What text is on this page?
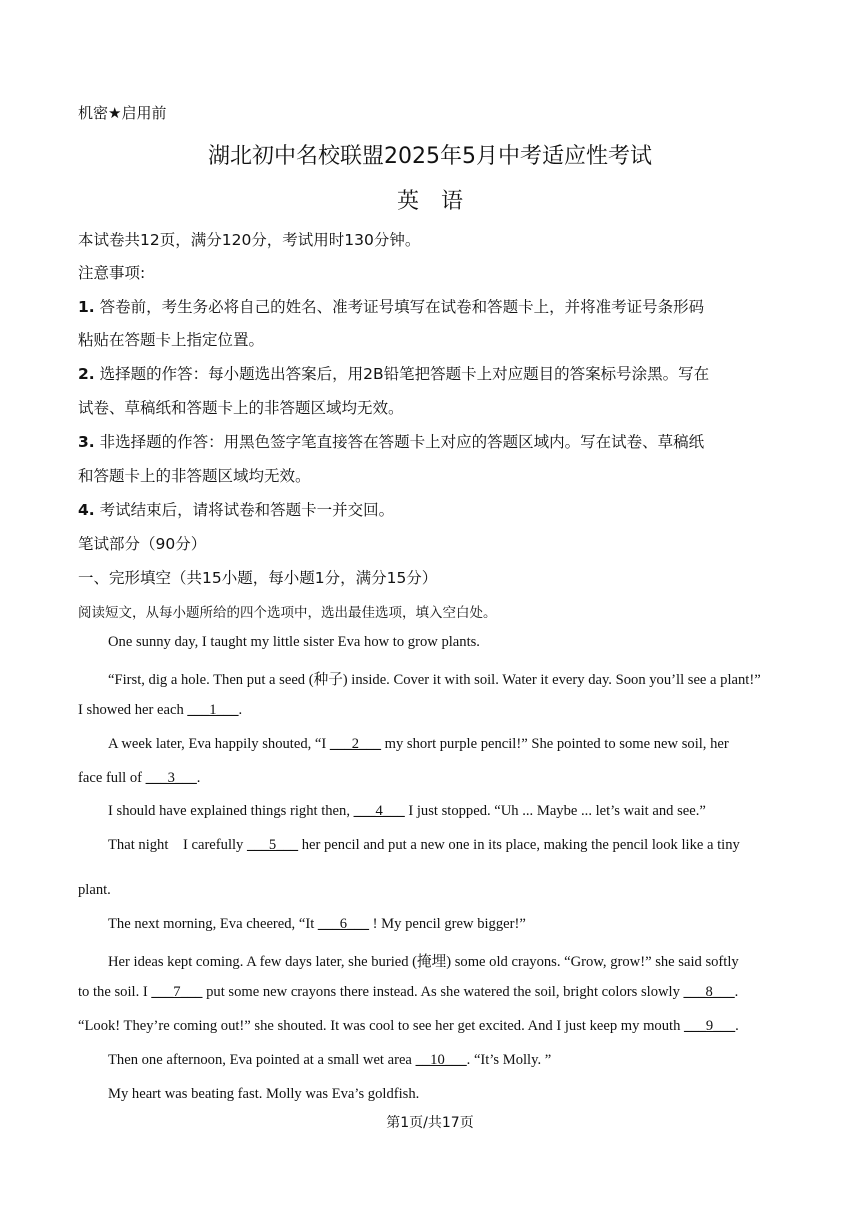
机密★启用前
湖北初中名校联盟2025年5月中考适应性考试
英语
本试卷共12页，满分120分，考试用时130分钟。
注意事项:
1. 答卷前，考生务必将自己的姓名、准考证号填写在试卷和答题卡上，并将准考证号条形码
粘贴在答题卡上指定位置。
2. 选择题的作答：每小题选出答案后，用2B铅笔把答题卡上对应题目的答案标号涂黑。写在
试卷、草稿纸和答题卡上的非答题区域均无效。
3. 非选择题的作答：用黑色签字笔直接答在答题卡上对应的答题区域内。写在试卷、草稿纸
和答题卡上的非答题区域均无效。
4. 考试结束后，请将试卷和答题卡一并交回。
笔试部分（90分）
一、完形填空（共15小题，每小题1分，满分15分）
阅读短文，从每小题所给的四个选项中，选出最佳选项，填入空白处。
One sunny day, I taught my little sister Eva how to grow plants.
“First, dig a hole. Then put a seed (种子) inside. Cover it with soil. Water it every day. Soon you’ll see a plant!”
I showed her each ___1___.
A week later, Eva happily shouted, “I ___2___ my short purple pencil!” She pointed to some new soil, her
face full of ___3___.
I should have explained things right then, ___4___ I just stopped. “Uh ... Maybe ... let’s wait and see.”
That night    I carefully ___5___ her pencil and put a new one in its place, making the pencil look like a tiny
plant.
The next morning, Eva cheered, “It ___6___ ! My pencil grew bigger!”
Her ideas kept coming. A few days later, she buried (掩埋) some old crayons. “Grow, grow!” she said softly
to the soil. I ___7___ put some new crayons there instead. As she watered the soil, bright colors slowly ___8___.
“Look! They’re coming out!” she shouted. It was cool to see her get excited. And I just keep my mouth ___9___.
Then one afternoon, Eva pointed at a small wet area __10___. “It’s Molly. ”
My heart was beating fast. Molly was Eva’s goldfish.
第1页/共17页
